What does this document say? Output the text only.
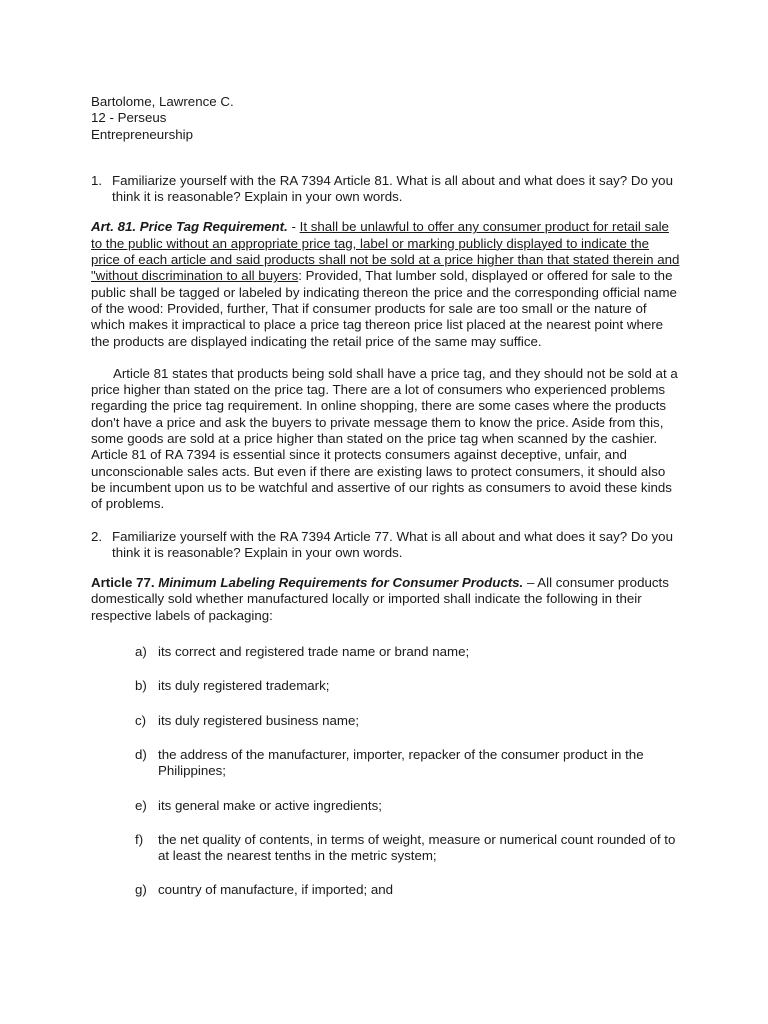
Bartolome, Lawrence C.

12 - Perseus

Entrepreneurship

1. Familiarize yourself with the RA 7394 Article 81. What is all about and what does it say? Do you think it is reasonable? Explain in your own words.

Art. 81. Price Tag Requirement. - It shall be unlawful to offer any consumer product for retail sale to the public without an appropriate price tag, label or marking publicly displayed to indicate the price of each article and said products shall not be sold at a price higher than that stated therein and "without discrimination to all buyers: Provided, That lumber sold, displayed or offered for sale to the public shall be tagged or labeled by indicating thereon the price and the corresponding official name of the wood: Provided, further, That if consumer products for sale are too small or the nature of which makes it impractical to place a price tag thereon price list placed at the nearest point where the products are displayed indicating the retail price of the same may suffice.

Article 81 states that products being sold shall have a price tag, and they should not be sold at a price higher than stated on the price tag. There are a lot of consumers who experienced problems regarding the price tag requirement. In online shopping, there are some cases where the products don't have a price and ask the buyers to private message them to know the price. Aside from this, some goods are sold at a price higher than stated on the price tag when scanned by the cashier. Article 81 of RA 7394 is essential since it protects consumers against deceptive, unfair, and unconscionable sales acts. But even if there are existing laws to protect consumers, it should also be incumbent upon us to be watchful and assertive of our rights as consumers to avoid these kinds of problems.

2. Familiarize yourself with the RA 7394 Article 77. What is all about and what does it say? Do you think it is reasonable? Explain in your own words.

Article 77. Minimum Labeling Requirements for Consumer Products. – All consumer products domestically sold whether manufactured locally or imported shall indicate the following in their respective labels of packaging:

a) its correct and registered trade name or brand name;
b) its duly registered trademark;
c) its duly registered business name;
d) the address of the manufacturer, importer, repacker of the consumer product in the Philippines;
e) its general make or active ingredients;
f)	the net quality of contents, in terms of weight, measure or numerical count rounded of to at least the nearest tenths in the metric system;
g) country of manufacture, if imported; and
